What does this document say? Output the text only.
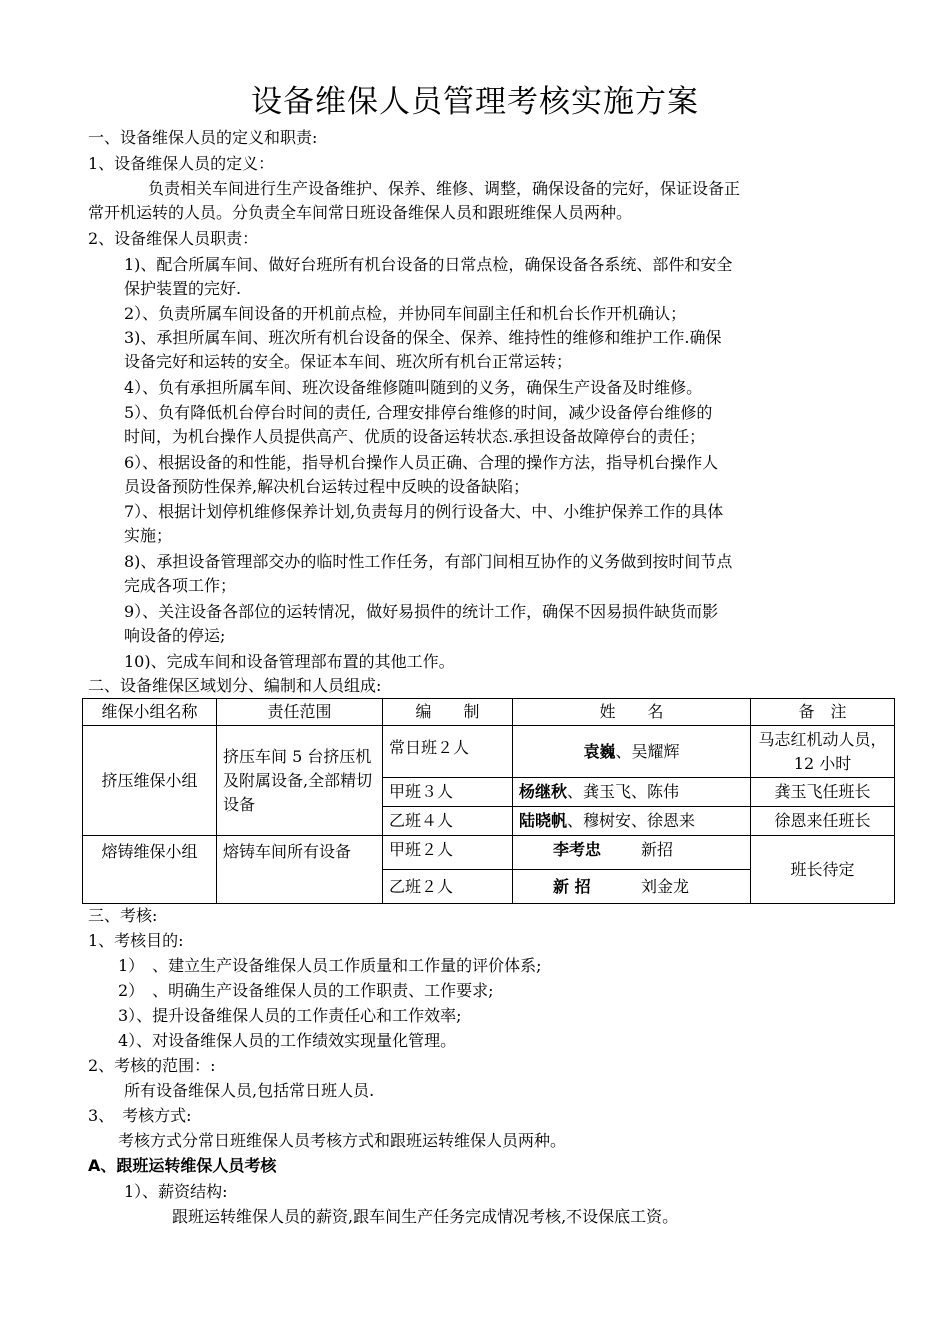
设备维保人员管理考核实施方案
一、设备维保人员的定义和职责:
1、设备维保人员的定义：
负责相关车间进行生产设备维护、保养、维修、调整，确保设备的完好，保证设备正
常开机运转的人员。分负责全车间常日班设备维保人员和跟班维保人员两种。
2、设备维保人员职责：
1)、配合所属车间、做好台班所有机台设备的日常点检，确保设备各系统、部件和安全
保护装置的完好.
2）、负责所属车间设备的开机前点检，并协同车间副主任和机台长作开机确认；
3)、承担所属车间、班次所有机台设备的保全、保养、维持性的维修和维护工作.确保
设备完好和运转的安全。保证本车间、班次所有机台正常运转；
4）、负有承担所属车间、班次设备维修随叫随到的义务，确保生产设备及时维修。
5）、负有降低机台停台时间的责任, 合理安排停台维修的时间，减少设备停台维修的
时间，为机台操作人员提供高产、优质的设备运转状态.承担设备故障停台的责任；
6）、根据设备的和性能，指导机台操作人员正确、合理的操作方法，指导机台操作人
员设备预防性保养,解决机台运转过程中反映的设备缺陷；
7）、根据计划停机维修保养计划,负责每月的例行设备大、中、小维护保养工作的具体
实施；
8)、承担设备管理部交办的临时性工作任务，有部门间相互协作的义务做到按时间节点
完成各项工作；
9）、关注设备各部位的运转情况，做好易损件的统计工作，确保不因易损件缺货而影
响设备的停运;
10)、完成车间和设备管理部布置的其他工作。
二、设备维保区域划分、编制和人员组成:
维保小组名称	责任范围	编　　制	姓　　名	备　注
挤压维保小组	挤压车间 5 台挤压机及附属设备,全部精切设备	常日班２人	袁巍、吴耀辉	马志红机动人员，12 小时
		甲班３人	杨继秋、龚玉飞、陈伟	龚玉飞任班长
		乙班４人	陆晓帆、穆树安、徐恩来	徐恩来任班长
熔铸维保小组	熔铸车间所有设备	甲班２人	李考忠 新招	班长待定
		乙班２人	新 招 刘金龙	
三、考核:
1、考核目的:
1）　、建立生产设备维保人员工作质量和工作量的评价体系;
2）　、明确生产设备维保人员的工作职责、工作要求;
3）、提升设备维保人员的工作责任心和工作效率;
4）、对设备维保人员的工作绩效实现量化管理。
2、考核的范围：:
所有设备维保人员,包括常日班人员.
3、　考核方式:
考核方式分常日班维保人员考核方式和跟班运转维保人员两种。
A、跟班运转维保人员考核
1）、薪资结构:
跟班运转维保人员的薪资,跟车间生产任务完成情况考核,不设保底工资。
